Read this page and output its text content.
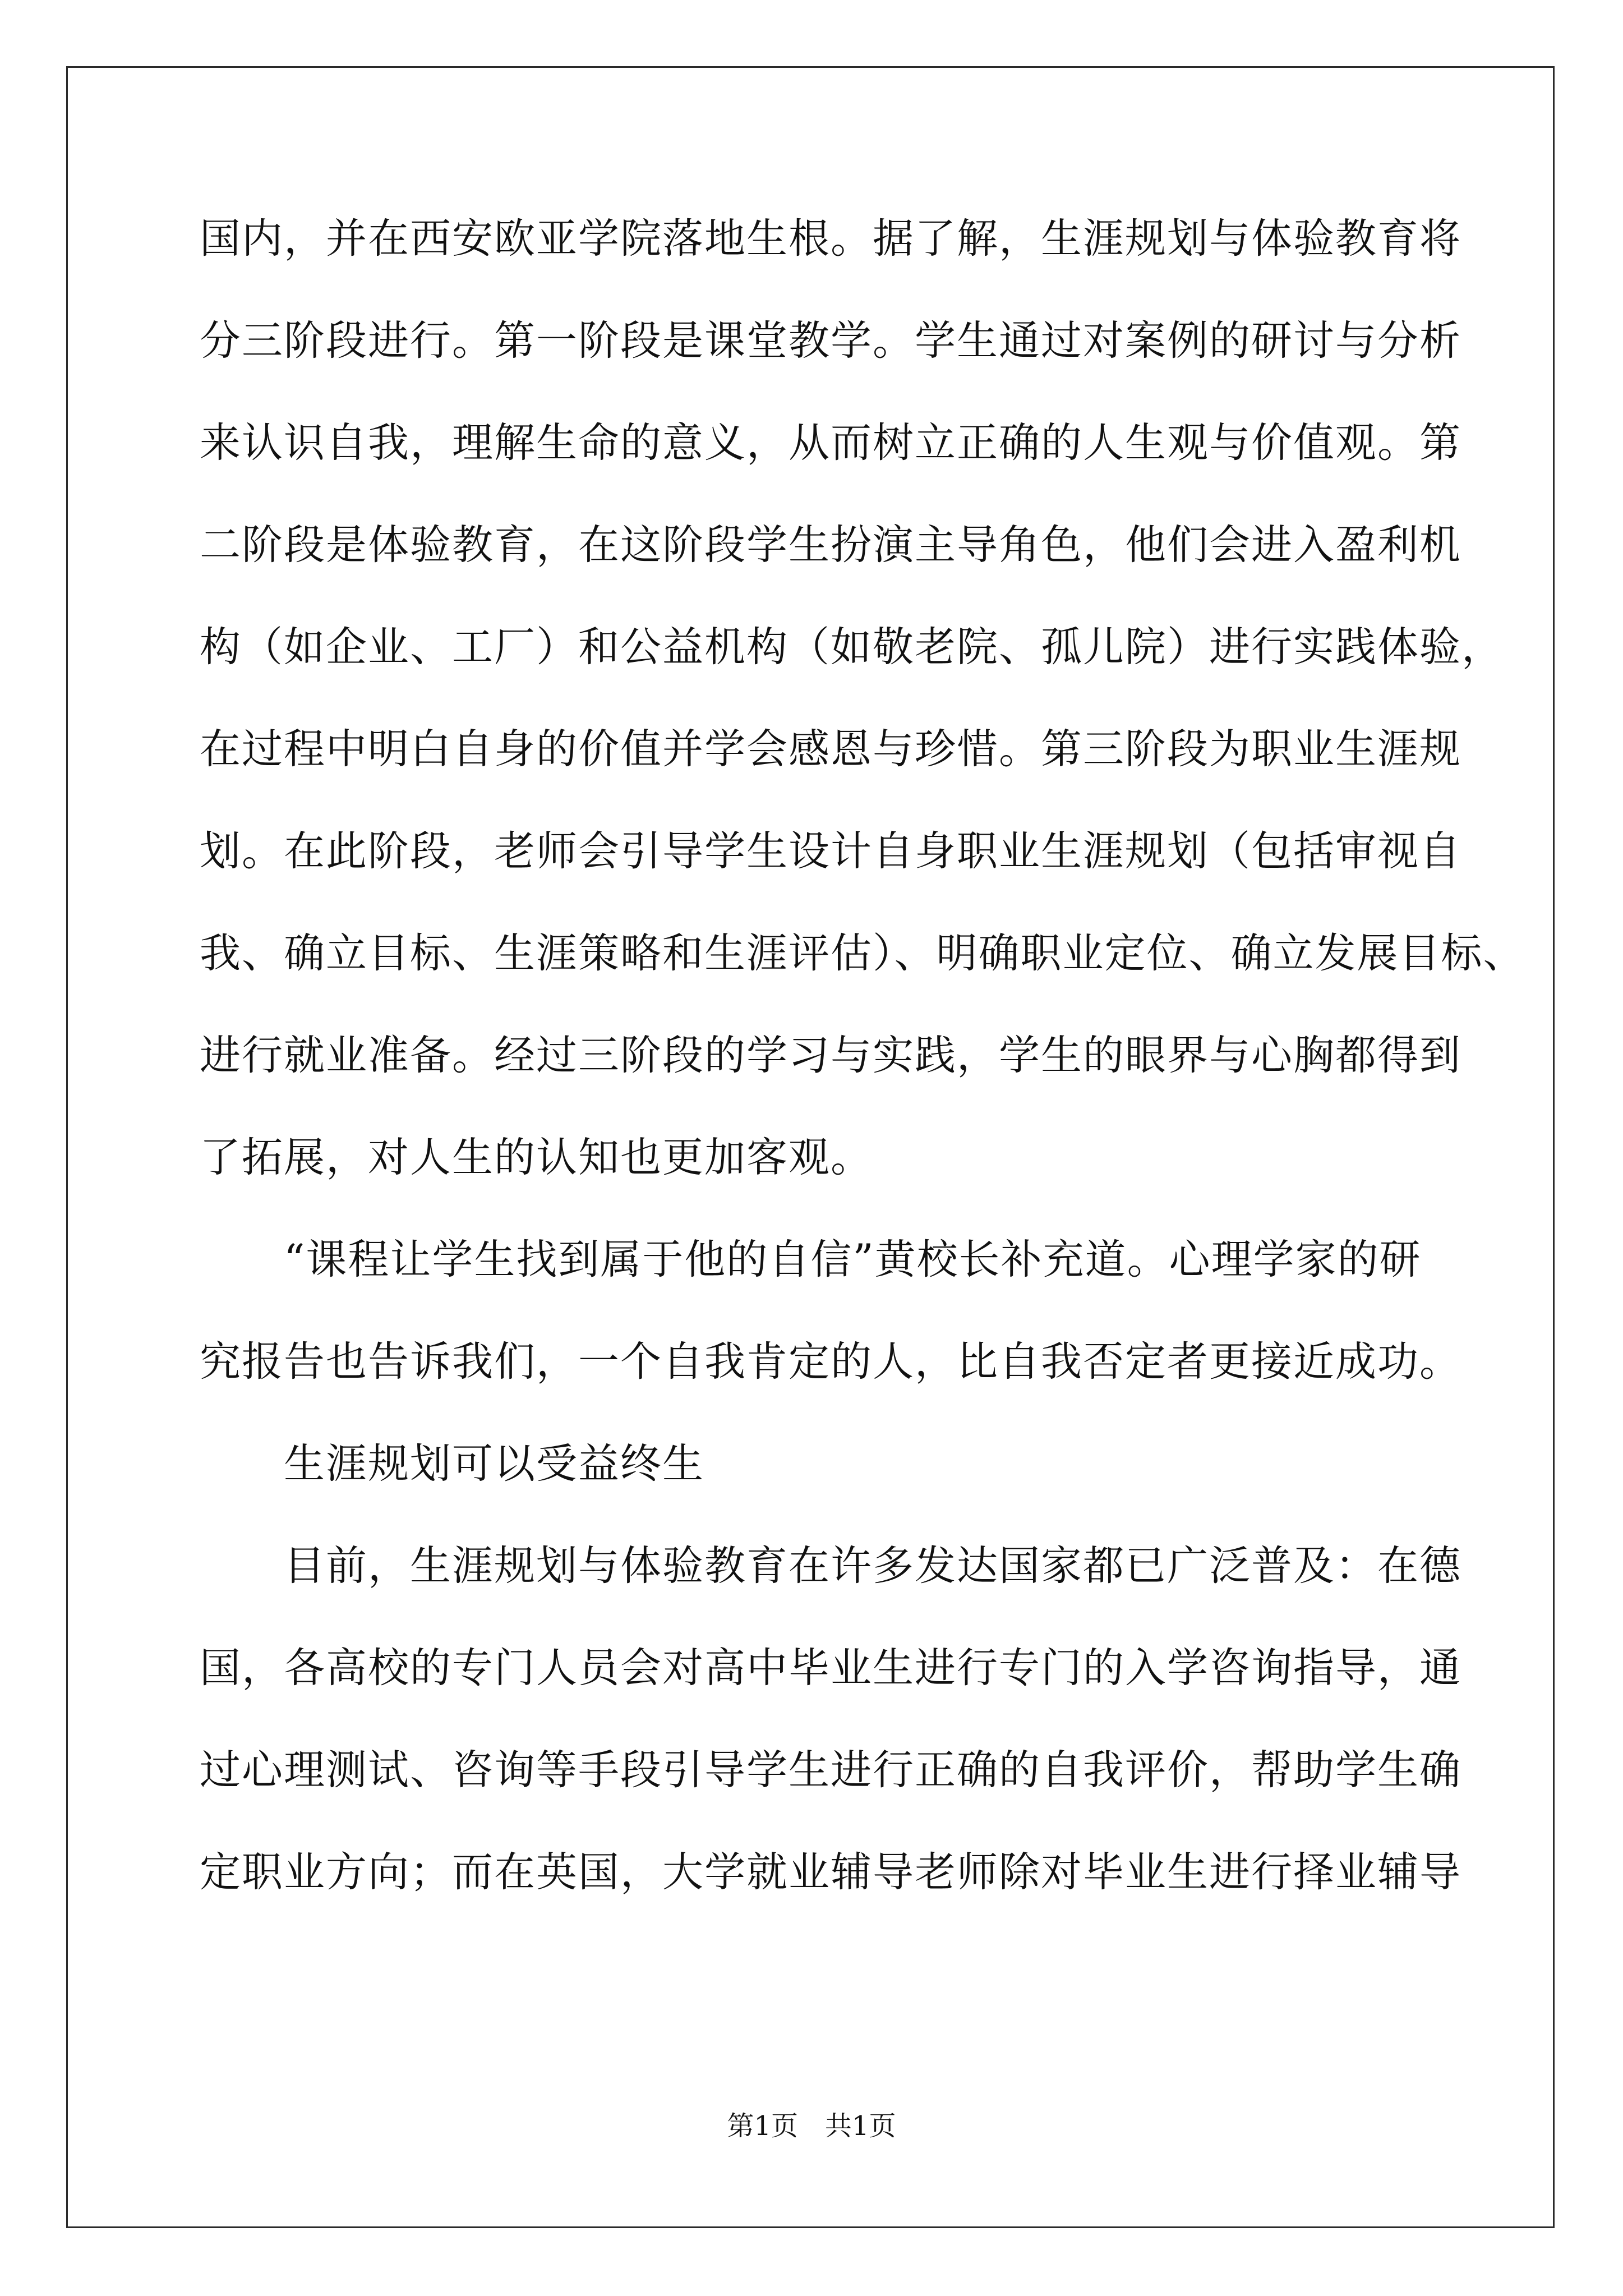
国内，并在西安欧亚学院落地生根。据了解，生涯规划与体验教育将
分三阶段进行。第一阶段是课堂教学。学生通过对案例的研讨与分析
来认识自我，理解生命的意义，从而树立正确的人生观与价值观。第
二阶段是体验教育，在这阶段学生扮演主导角色，他们会进入盈利机
构（如企业、工厂）和公益机构（如敬老院、孤儿院）进行实践体验，
在过程中明白自身的价值并学会感恩与珍惜。第三阶段为职业生涯规
划。在此阶段，老师会引导学生设计自身职业生涯规划（包括审视自
我、确立目标、生涯策略和生涯评估）、明确职业定位、确立发展目标、
进行就业准备。经过三阶段的学习与实践，学生的眼界与心胸都得到
了拓展，对人生的认知也更加客观。
　　“课程让学生找到属于他的自信”黄校长补充道。心理学家的研
究报告也告诉我们，一个自我肯定的人，比自我否定者更接近成功。
　　生涯规划可以受益终生
　　目前，生涯规划与体验教育在许多发达国家都已广泛普及：在德
国，各高校的专门人员会对高中毕业生进行专门的入学咨询指导，通
过心理测试、咨询等手段引导学生进行正确的自我评价，帮助学生确
定职业方向；而在英国，大学就业辅导老师除对毕业生进行择业辅导
第1页　共1页
